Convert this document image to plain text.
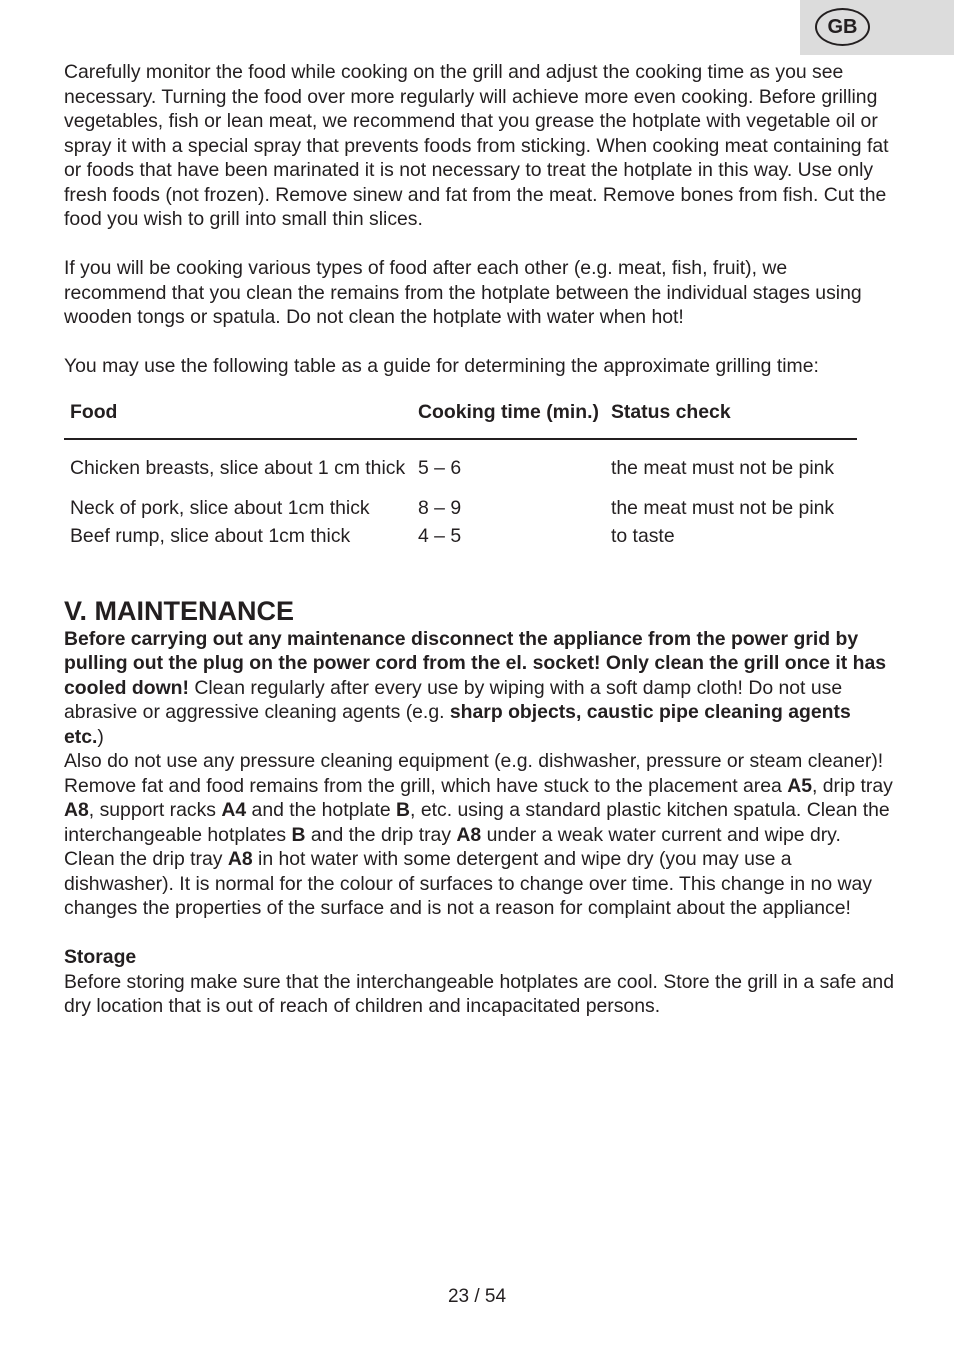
GB

Carefully monitor the food while cooking on the grill and adjust the cooking time as you see necessary. Turning the food over more regularly will achieve more even cooking. Before grilling vegetables, fish or lean meat, we recommend that you grease the hotplate with vegetable oil or spray it with a special spray that prevents foods from sticking. When cooking meat containing fat or foods that have been marinated it is not necessary to treat the hotplate in this way. Use only fresh foods (not frozen). Remove sinew and fat from the meat. Remove bones from fish. Cut the food you wish to grill into small thin slices.

If you will be cooking various types of food after each other (e.g. meat, fish, fruit), we recommend that you clean the remains from the hotplate between the individual stages using wooden tongs or spatula. Do not clean the hotplate with water when hot!

You may use the following table as a guide for determining the approximate grilling time:

Food	Cooking time (min.)	Status check
Chicken breasts, slice about 1 cm thick	5 – 6	the meat must not be pink
Neck of pork, slice about 1cm thick	8 – 9	the meat must not be pink
Beef rump, slice about 1cm thick	4 – 5	to taste
V. MAINTENANCE

Before carrying out any maintenance disconnect the appliance from the power grid by pulling out the plug on the power cord from the el. socket! Only clean the grill once it has cooled down! Clean regularly after every use by wiping with a soft damp cloth! Do not use abrasive or aggressive cleaning agents (e.g. sharp objects, caustic pipe cleaning agents etc.)

Also do not use any pressure cleaning equipment (e.g. dishwasher, pressure or steam cleaner)! Remove fat and food remains from the grill, which have stuck to the placement area A5, drip tray A8, support racks A4 and the hotplate B, etc. using a standard plastic kitchen spatula. Clean the interchangeable hotplates B and the drip tray A8 under a weak water current and wipe dry. Clean the drip tray A8 in hot water with some detergent and wipe dry (you may use a dishwasher). It is normal for the colour of surfaces to change over time. This change in no way changes the properties of the surface and is not a reason for complaint about the appliance!

Storage

Before storing make sure that the interchangeable hotplates are cool. Store the grill in a safe and dry location that is out of reach of children and incapacitated persons.

23 / 54
